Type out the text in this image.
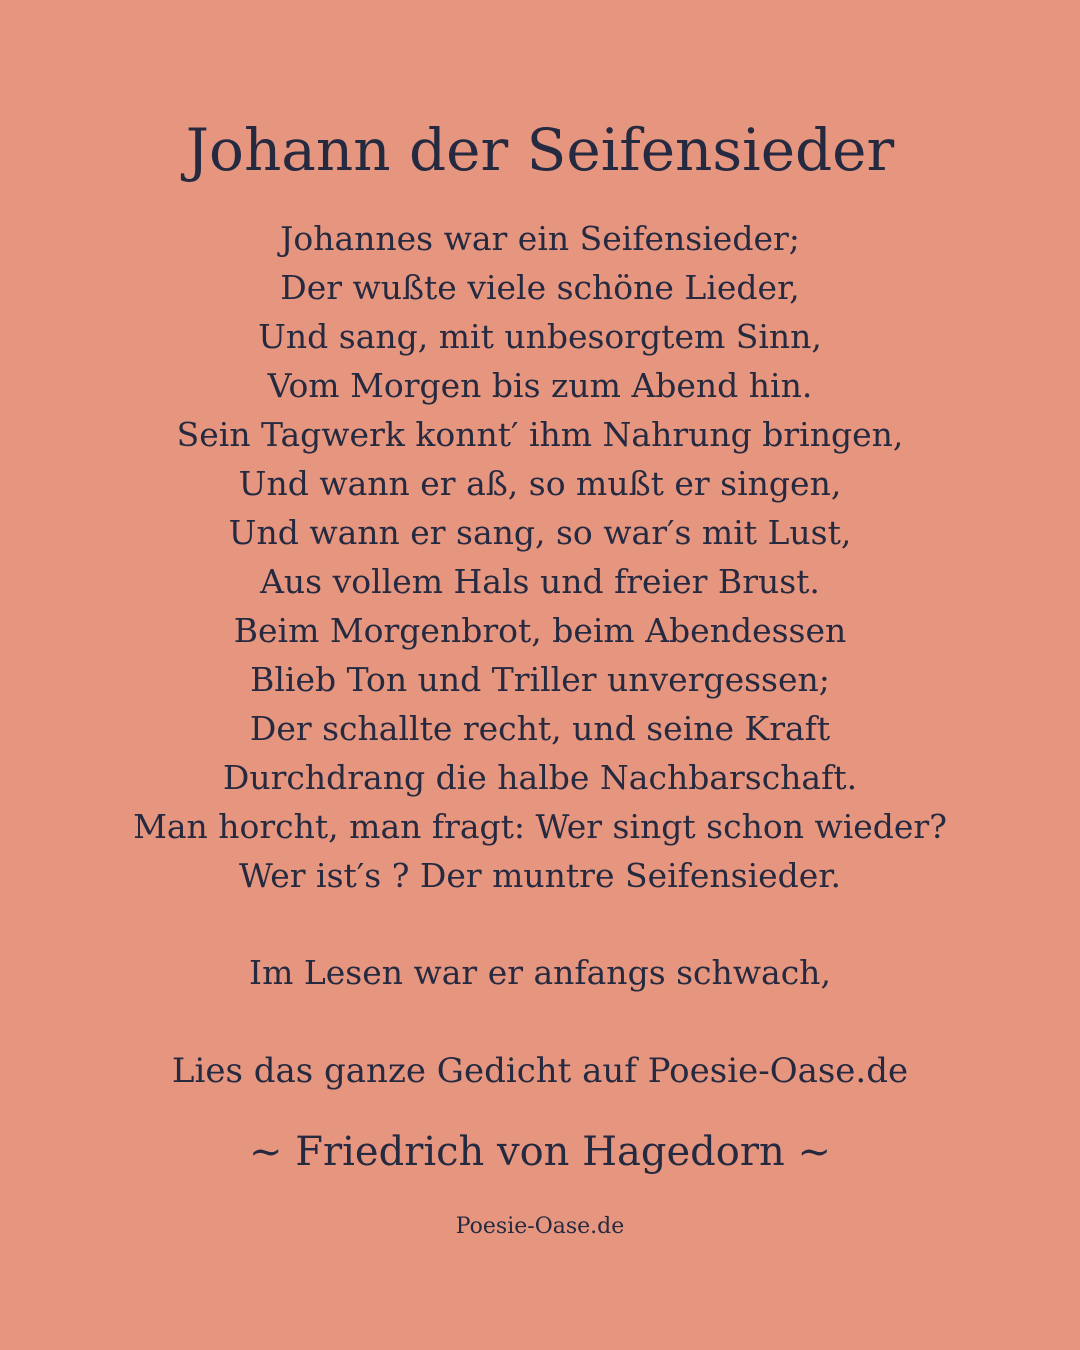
Johann der Seifensieder
Johannes war ein Seifensieder;
Der wußte viele schöne Lieder,
Und sang, mit unbesorgtem Sinn,
Vom Morgen bis zum Abend hin.
Sein Tagwerk konnt′ ihm Nahrung bringen,
Und wann er aß, so mußt er singen,
Und wann er sang, so war′s mit Lust,
Aus vollem Hals und freier Brust.
Beim Morgenbrot, beim Abendessen
Blieb Ton und Triller unvergessen;
Der schallte recht, und seine Kraft
Durchdrang die halbe Nachbarschaft.
Man horcht, man fragt: Wer singt schon wieder?
Wer ist′s ? Der muntre Seifensieder.

Im Lesen war er anfangs schwach,

Lies das ganze Gedicht auf Poesie-Oase.de

~ Friedrich von Hagedorn ~

Poesie-Oase.de
